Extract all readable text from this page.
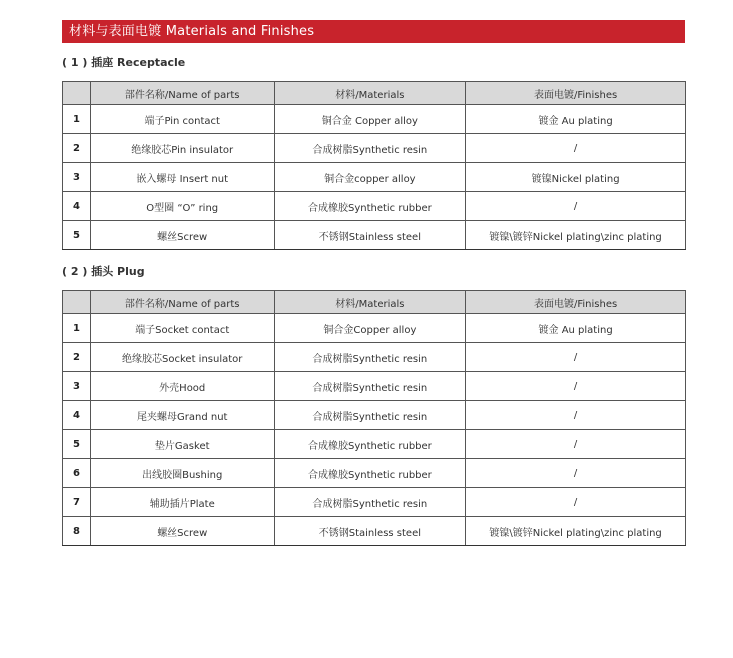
材料与表面电镀 Materials and Finishes
( 1 ) 插座 Receptacle
	部件名称/Name of parts	材料/Materials	表面电镀/Finishes
1	端子Pin contact	铜合金 Copper alloy	镀金 Au plating
2	绝缘胶芯Pin insulator	合成树脂Synthetic resin	/
3	嵌入螺母 Insert nut	铜合金copper alloy	镀镍Nickel plating
4	O型圈 “O” ring	合成橡胶Synthetic rubber	/
5	螺丝Screw	不锈钢Stainless steel	镀镍\镀锌Nickel plating\zinc plating
( 2 ) 插头 Plug
	部件名称/Name of parts	材料/Materials	表面电镀/Finishes
1	端子Socket contact	铜合金Copper alloy	镀金 Au plating
2	绝缘胶芯Socket insulator	合成树脂Synthetic resin	/
3	外壳Hood	合成树脂Synthetic resin	/
4	尾夹螺母Grand nut	合成树脂Synthetic resin	/
5	垫片Gasket	合成橡胶Synthetic rubber	/
6	出线胶圈Bushing	合成橡胶Synthetic rubber	/
7	辅助插片Plate	合成树脂Synthetic resin	/
8	螺丝Screw	不锈钢Stainless steel	镀镍\镀锌Nickel plating\zinc plating
